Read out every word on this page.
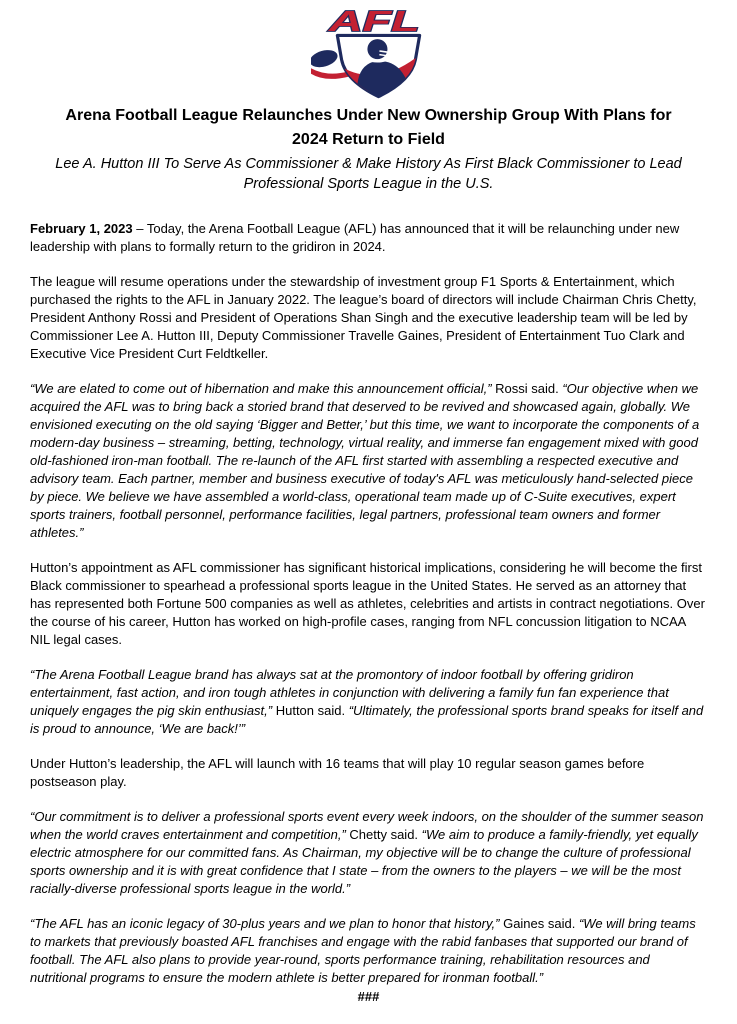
AFL
Arena Football League Relaunches Under New Ownership Group With Plans for
2024 Return to Field
Lee A. Hutton III To Serve As Commissioner & Make History As First Black Commissioner to Lead
Professional Sports League in the U.S.

February 1, 2023 – Today, the Arena Football League (AFL) has announced that it will be relaunching under new leadership with plans to formally return to the gridiron in 2024.

The league will resume operations under the stewardship of investment group F1 Sports & Entertainment, which purchased the rights to the AFL in January 2022. The league’s board of directors will include Chairman Chris Chetty, President Anthony Rossi and President of Operations Shan Singh and the executive leadership team will be led by Commissioner Lee A. Hutton III, Deputy Commissioner Travelle Gaines, President of Entertainment Tuo Clark and Executive Vice President Curt Feldtkeller.

“We are elated to come out of hibernation and make this announcement official,” Rossi said. “Our objective when we acquired the AFL was to bring back a storied brand that deserved to be revived and showcased again, globally. We envisioned executing on the old saying ‘Bigger and Better,’ but this time, we want to incorporate the components of a modern-day business – streaming, betting, technology, virtual reality, and immerse fan engagement mixed with good old-fashioned iron-man football. The re-launch of the AFL first started with assembling a respected executive and advisory team. Each partner, member and business executive of today's AFL was meticulously hand-selected piece by piece. We believe we have assembled a world-class, operational team made up of C-Suite executives, expert sports trainers, football personnel, performance facilities, legal partners, professional team owners and former athletes.”

Hutton’s appointment as AFL commissioner has significant historical implications, considering he will become the first Black commissioner to spearhead a professional sports league in the United States. He served as an attorney that has represented both Fortune 500 companies as well as athletes, celebrities and artists in contract negotiations. Over the course of his career, Hutton has worked on high-profile cases, ranging from NFL concussion litigation to NCAA NIL legal cases.

“The Arena Football League brand has always sat at the promontory of indoor football by offering gridiron entertainment, fast action, and iron tough athletes in conjunction with delivering a family fun fan experience that uniquely engages the pig skin enthusiast,” Hutton said. “Ultimately, the professional sports brand speaks for itself and is proud to announce, ‘We are back!’”

Under Hutton’s leadership, the AFL will launch with 16 teams that will play 10 regular season games before postseason play.

“Our commitment is to deliver a professional sports event every week indoors, on the shoulder of the summer season when the world craves entertainment and competition,” Chetty said. “We aim to produce a family-friendly, yet equally electric atmosphere for our committed fans. As Chairman, my objective will be to change the culture of professional sports ownership and it is with great confidence that I state – from the owners to the players – we will be the most racially-diverse professional sports league in the world.”

“The AFL has an iconic legacy of 30-plus years and we plan to honor that history,” Gaines said. “We will bring teams to markets that previously boasted AFL franchises and engage with the rabid fanbases that supported our brand of football. The AFL also plans to provide year-round, sports performance training, rehabilitation resources and nutritional programs to ensure the modern athlete is better prepared for ironman football.”

###
